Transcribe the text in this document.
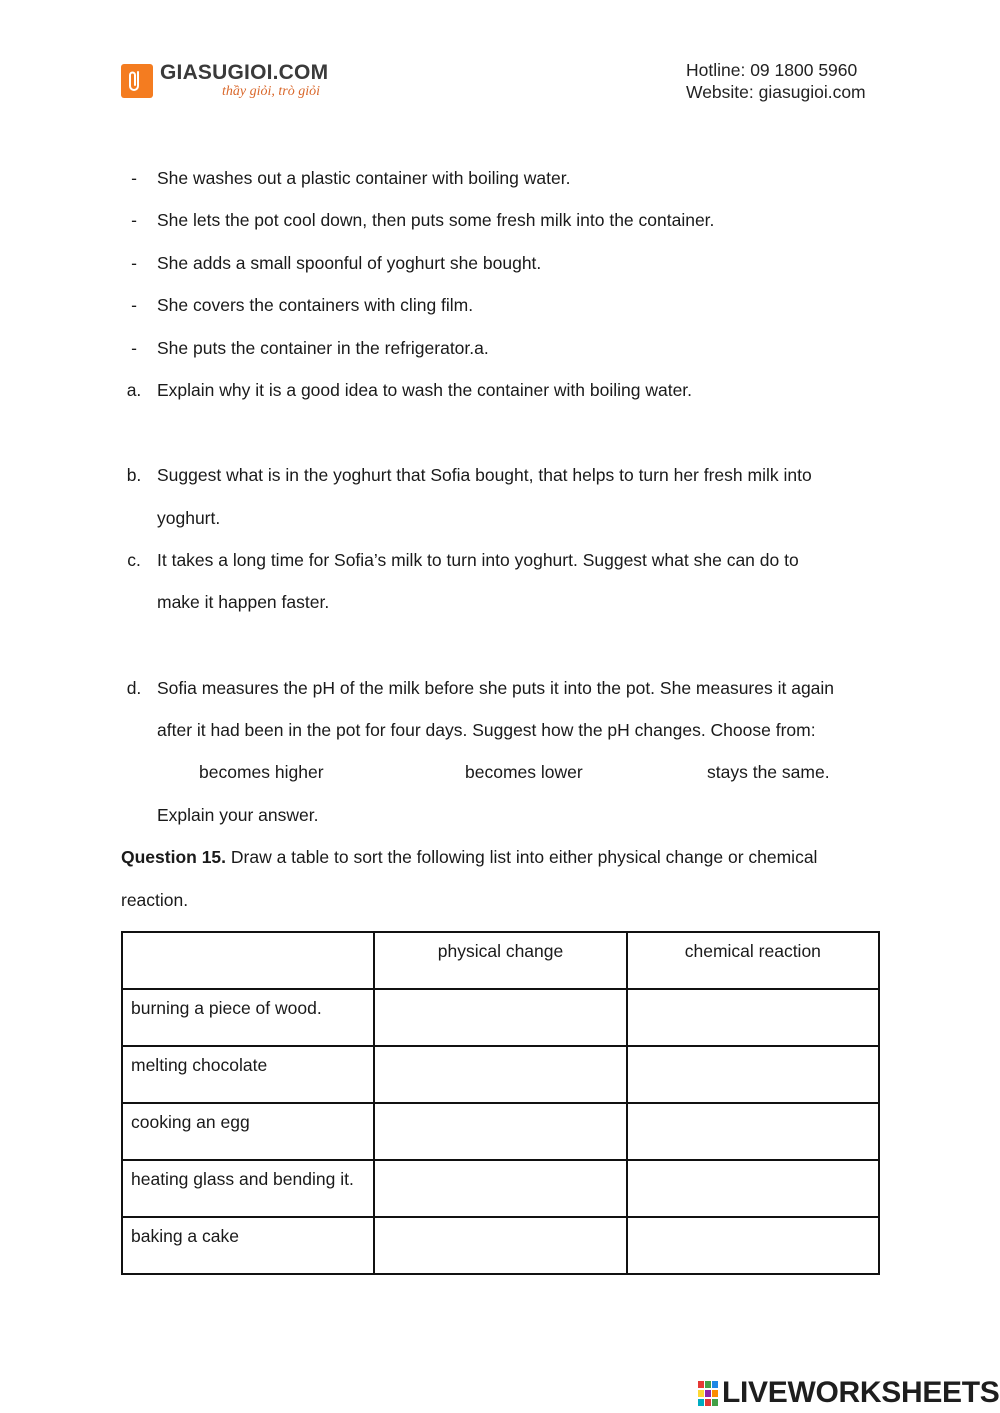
GIASUGIOI.COM
thầy giỏi, trò giỏi
Hotline: 09 1800 5960
Website: giasugioi.com
-	She washes out a plastic container with boiling water.
-	She lets the pot cool down, then puts some fresh milk into the container.
-	She adds a small spoonful of yoghurt she bought.
-	She covers the containers with cling film.
-	She puts the container in the refrigerator.a.
a. Explain why it is a good idea to wash the container with boiling water.
b. Suggest what is in the yoghurt that Sofia bought, that helps to turn her fresh milk into
yoghurt.
c. It takes a long time for Sofia’s milk to turn into yoghurt. Suggest what she can do to
make it happen faster.
d. Sofia measures the pH of the milk before she puts it into the pot. She measures it again
after it had been in the pot for four days. Suggest how the pH changes. Choose from:
becomes higher	becomes lower	stays the same.
Explain your answer.
Question 15. Draw a table to sort the following list into either physical change or chemical
reaction.
	physical change	chemical reaction
burning a piece of wood.		
melting chocolate		
cooking an egg		
heating glass and bending it.		
baking a cake		
LIVEWORKSHEETS
